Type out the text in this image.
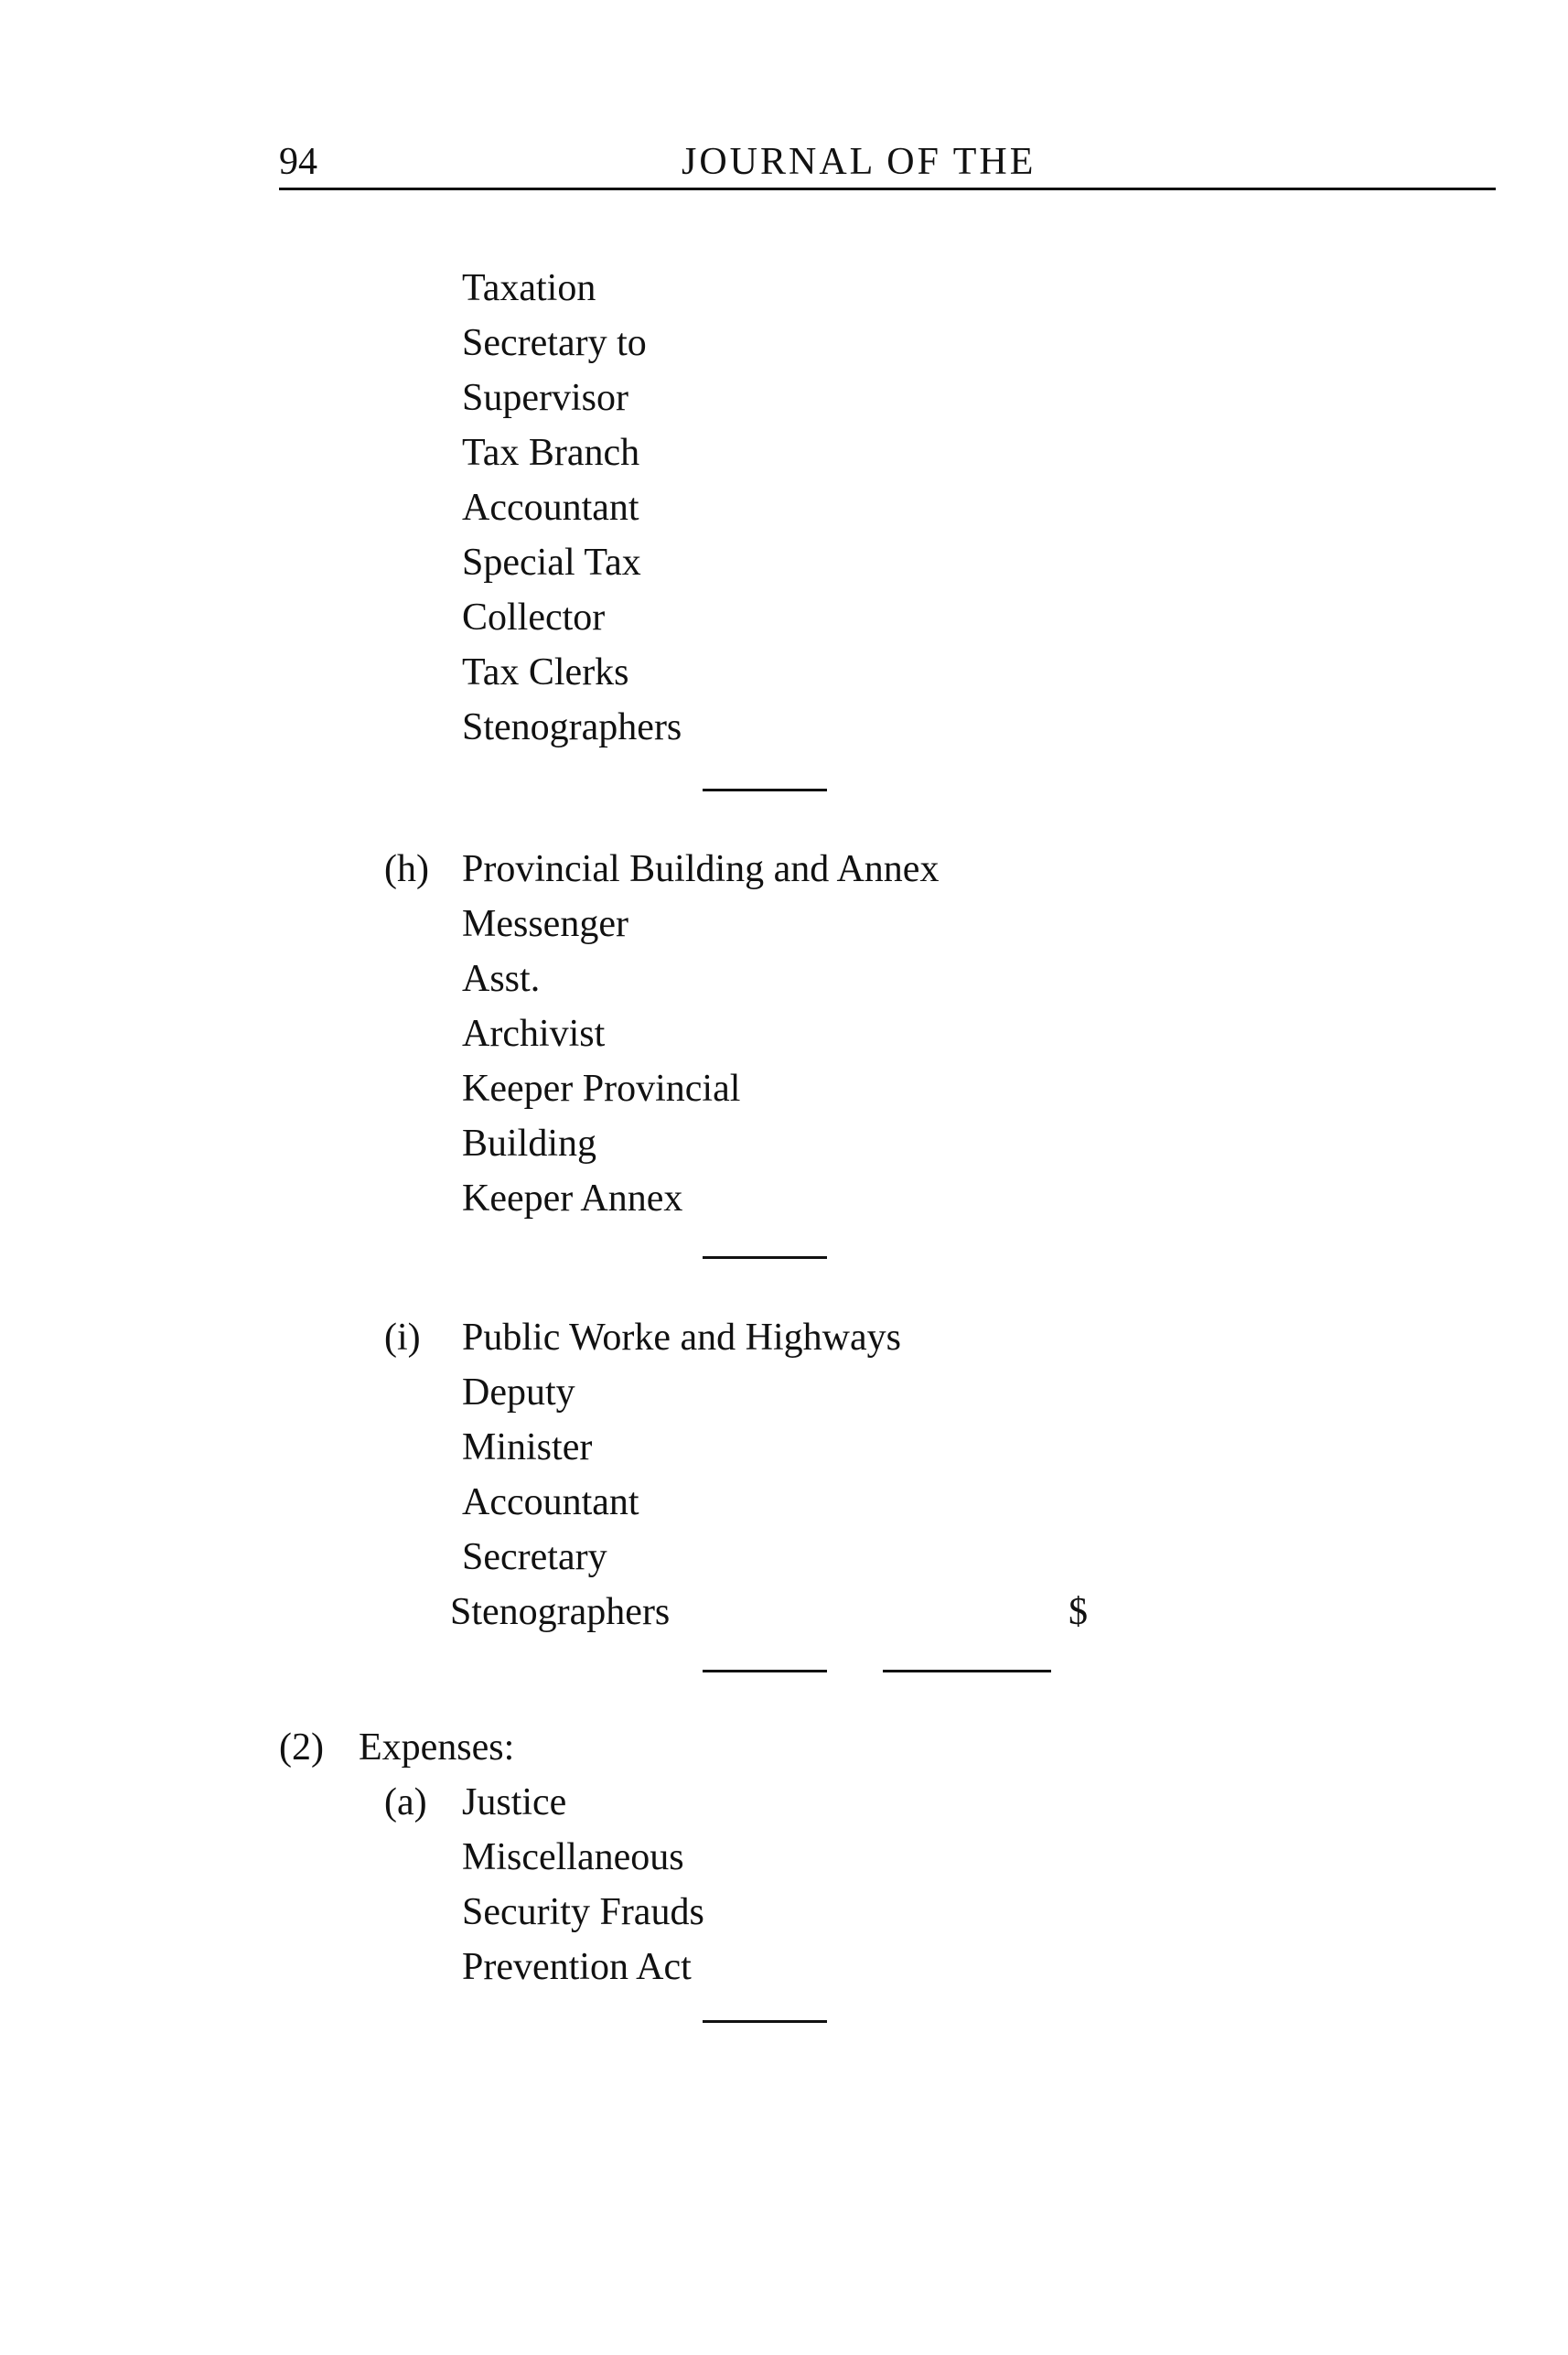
94	JOURNAL OF THE
Taxation
Secretary to
Supervisor
Tax Branch
Accountant
Special Tax
Collector
Tax Clerks
Stenographers
(h) Provincial Building and Annex
Messenger
Asst.
Archivist
Keeper Provincial
Building
Keeper Annex
(i) Public Worke and Highways
Deputy
Minister
Accountant
Secretary
Stenographers	$
(2) Expenses:
(a) Justice
Miscellaneous
Security Frauds
Prevention Act
